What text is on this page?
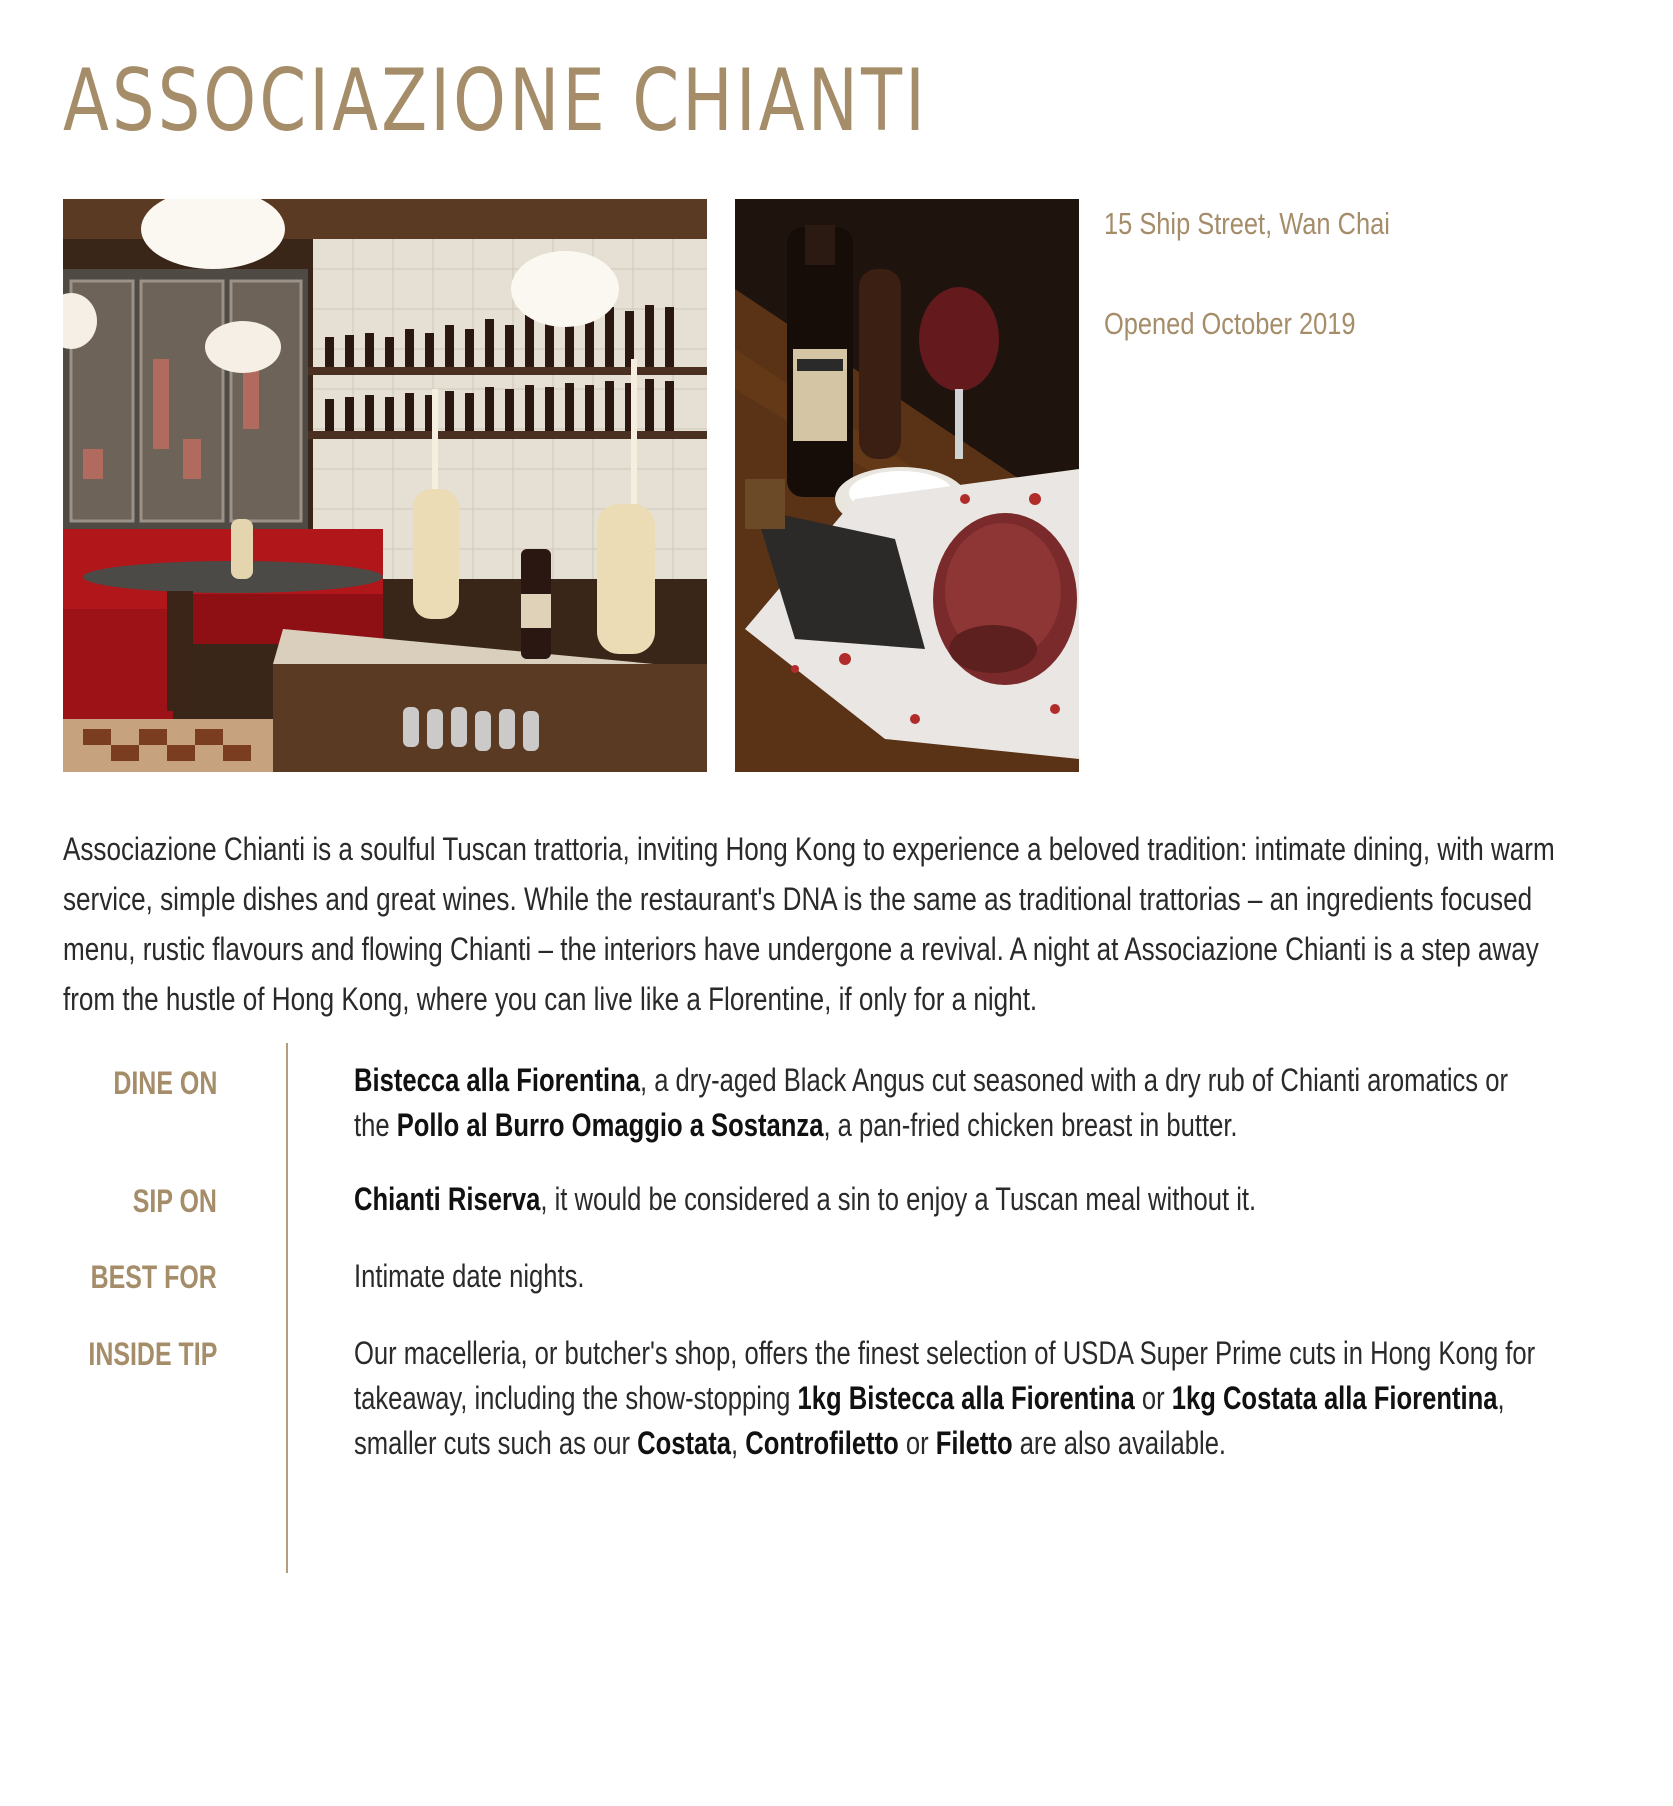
ASSOCIAZIONE CHIANTI
15 Ship Street, Wan Chai
Opened October 2019

Associazione Chianti is a soulful Tuscan trattoria, inviting Hong Kong to experience a beloved tradition: intimate dining, with warm service, simple dishes and great wines. While the restaurant's DNA is the same as traditional trattorias – an ingredients focused menu, rustic flavours and flowing Chianti – the interiors have undergone a revival. A night at Associazione Chianti is a step away from the hustle of Hong Kong, where you can live like a Florentine, if only for a night.

DINE ON	Bistecca alla Fiorentina, a dry-aged Black Angus cut seasoned with a dry rub of Chianti aromatics or the Pollo al Burro Omaggio a Sostanza, a pan-fried chicken breast in butter.

SIP ON	Chianti Riserva, it would be considered a sin to enjoy a Tuscan meal without it.

BEST FOR	Intimate date nights.

INSIDE TIP	Our macelleria, or butcher's shop, offers the finest selection of USDA Super Prime cuts in Hong Kong for takeaway, including the show-stopping 1kg Bistecca alla Fiorentina or 1kg Costata alla Fiorentina, smaller cuts such as our Costata, Controfiletto or Filetto are also available.
